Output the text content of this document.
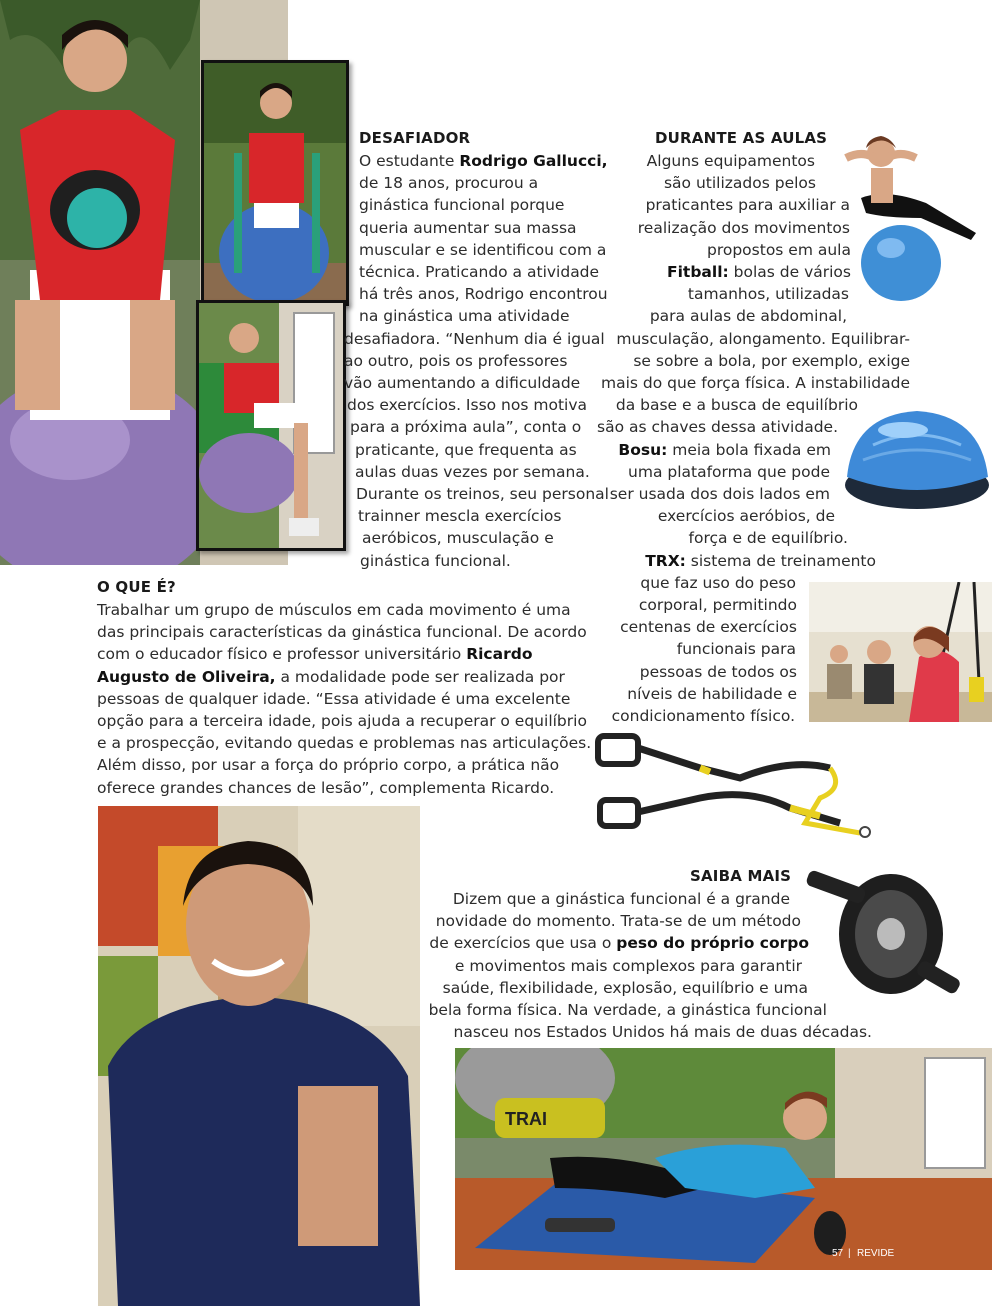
TRAI
57 | REVIDE
DESAFIADOR
O estudante Rodrigo Gallucci,
de 18 anos, procurou a
ginástica funcional porque
queria aumentar sua massa
muscular e se identificou com a
técnica. Praticando a atividade
há três anos, Rodrigo encontrou
na ginástica uma atividade
desafiadora. “Nenhum dia é igual
ao outro, pois os professores
vão aumentando a dificuldade
dos exercícios. Isso nos motiva
para a próxima aula”, conta o
praticante, que frequenta as
aulas duas vezes por semana.
Durante os treinos, seu personal
trainner mescla exercícios
aeróbicos, musculação e
ginástica funcional.
O QUE É?
Trabalhar um grupo de músculos em cada movimento é uma
das principais características da ginástica funcional. De acordo
com o educador físico e professor universitário Ricardo
Augusto de Oliveira, a modalidade pode ser realizada por
pessoas de qualquer idade. “Essa atividade é uma excelente
opção para a terceira idade, pois ajuda a recuperar o equilíbrio
e a prospecção, evitando quedas e problemas nas articulações.
Além disso, por usar a força do próprio corpo, a prática não
oferece grandes chances de lesão”, complementa Ricardo.
DURANTE AS AULAS
Alguns equipamentos
são utilizados pelos
praticantes para auxiliar a
realização dos movimentos
propostos em aula
Fitball: bolas de vários
tamanhos, utilizadas
para aulas de abdominal,
musculação, alongamento. Equilibrar-
se sobre a bola, por exemplo, exige
mais do que força física. A instabilidade
da base e a busca de equilíbrio
são as chaves dessa atividade.
Bosu: meia bola fixada em
uma plataforma que pode
ser usada dos dois lados em
exercícios aeróbios, de
força e de equilíbrio.
TRX: sistema de treinamento
que faz uso do peso
corporal, permitindo
centenas de exercícios
funcionais para
pessoas de todos os
níveis de habilidade e
condicionamento físico.
SAIBA MAIS
Dizem que a ginástica funcional é a grande
novidade do momento. Trata-se de um método
de exercícios que usa o peso do próprio corpo
e movimentos mais complexos para garantir
saúde, flexibilidade, explosão, equilíbrio e uma
bela forma física. Na verdade, a ginástica funcional
nasceu nos Estados Unidos há mais de duas décadas.
